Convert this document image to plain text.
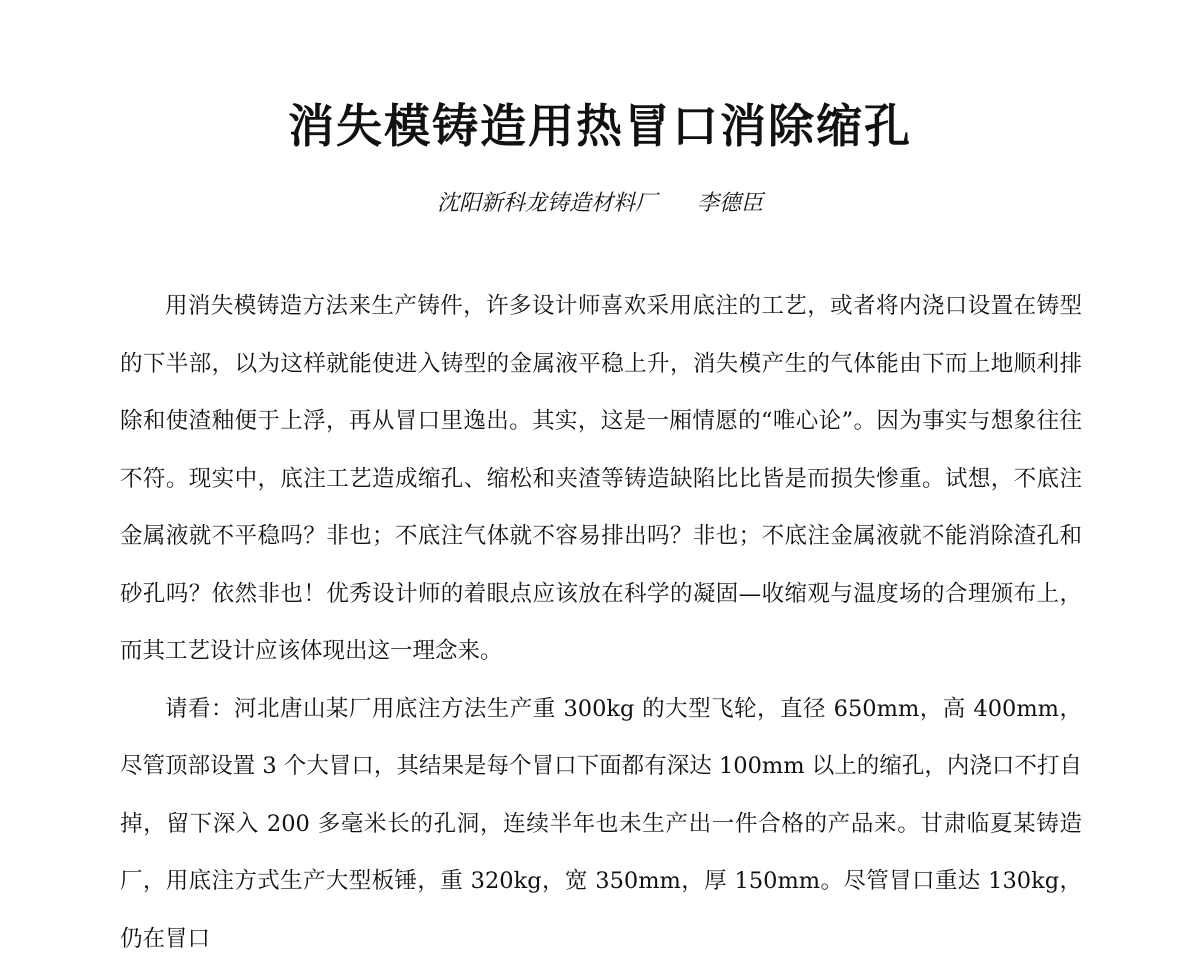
消失模铸造用热冒口消除缩孔
沈阳新科龙铸造材料厂 李德臣

用消失模铸造方法来生产铸件，许多设计师喜欢采用底注的工艺，或者将内浇口设置在铸型的下半部，以为这样就能使进入铸型的金属液平稳上升，消失模产生的气体能由下而上地顺利排除和使渣釉便于上浮，再从冒口里逸出。其实，这是一厢情愿的“唯心论”。因为事实与想象往往不符。现实中，底注工艺造成缩孔、缩松和夹渣等铸造缺陷比比皆是而损失惨重。试想，不底注金属液就不平稳吗？非也；不底注气体就不容易排出吗？非也；不底注金属液就不能消除渣孔和砂孔吗？依然非也！优秀设计师的着眼点应该放在科学的凝固—收缩观与温度场的合理颁布上，而其工艺设计应该体现出这一理念来。

请看：河北唐山某厂用底注方法生产重 300kg 的大型飞轮，直径 650mm，高 400mm，尽管顶部设置 3 个大冒口，其结果是每个冒口下面都有深达 100mm 以上的缩孔，内浇口不打自掉，留下深入 200 多毫米长的孔洞，连续半年也未生产出一件合格的产品来。甘肃临夏某铸造厂，用底注方式生产大型板锤，重 320kg，宽 350mm，厚 150mm。尽管冒口重达 130kg，仍在冒口
